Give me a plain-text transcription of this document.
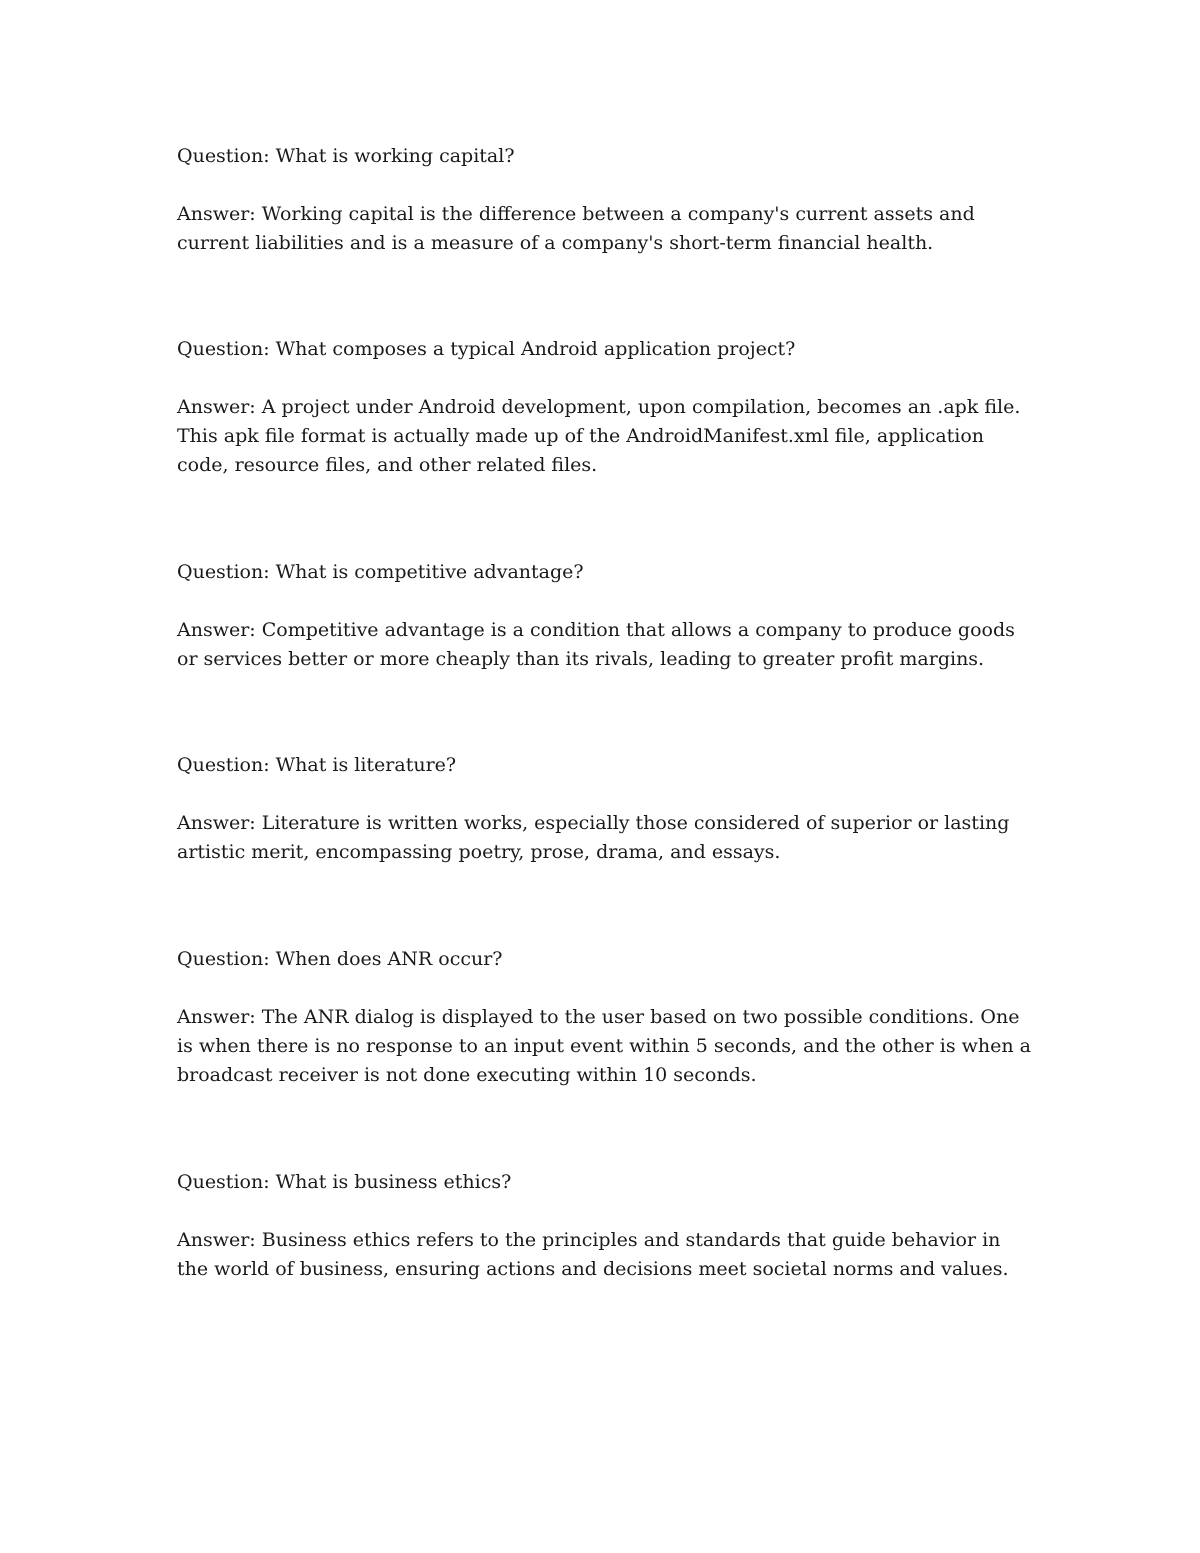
Question: What is working capital?

Answer: Working capital is the difference between a company's current assets and current liabilities and is a measure of a company's short-term financial health.

Question: What composes a typical Android application project?

Answer: A project under Android development, upon compilation, becomes an .apk file. This apk file format is actually made up of the AndroidManifest.xml file, application code, resource files, and other related files.

Question: What is competitive advantage?

Answer: Competitive advantage is a condition that allows a company to produce goods or services better or more cheaply than its rivals, leading to greater profit margins.

Question: What is literature?

Answer: Literature is written works, especially those considered of superior or lasting artistic merit, encompassing poetry, prose, drama, and essays.

Question: When does ANR occur?

Answer: The ANR dialog is displayed to the user based on two possible conditions. One is when there is no response to an input event within 5 seconds, and the other is when a broadcast receiver is not done executing within 10 seconds.

Question: What is business ethics?

Answer: Business ethics refers to the principles and standards that guide behavior in the world of business, ensuring actions and decisions meet societal norms and values.
